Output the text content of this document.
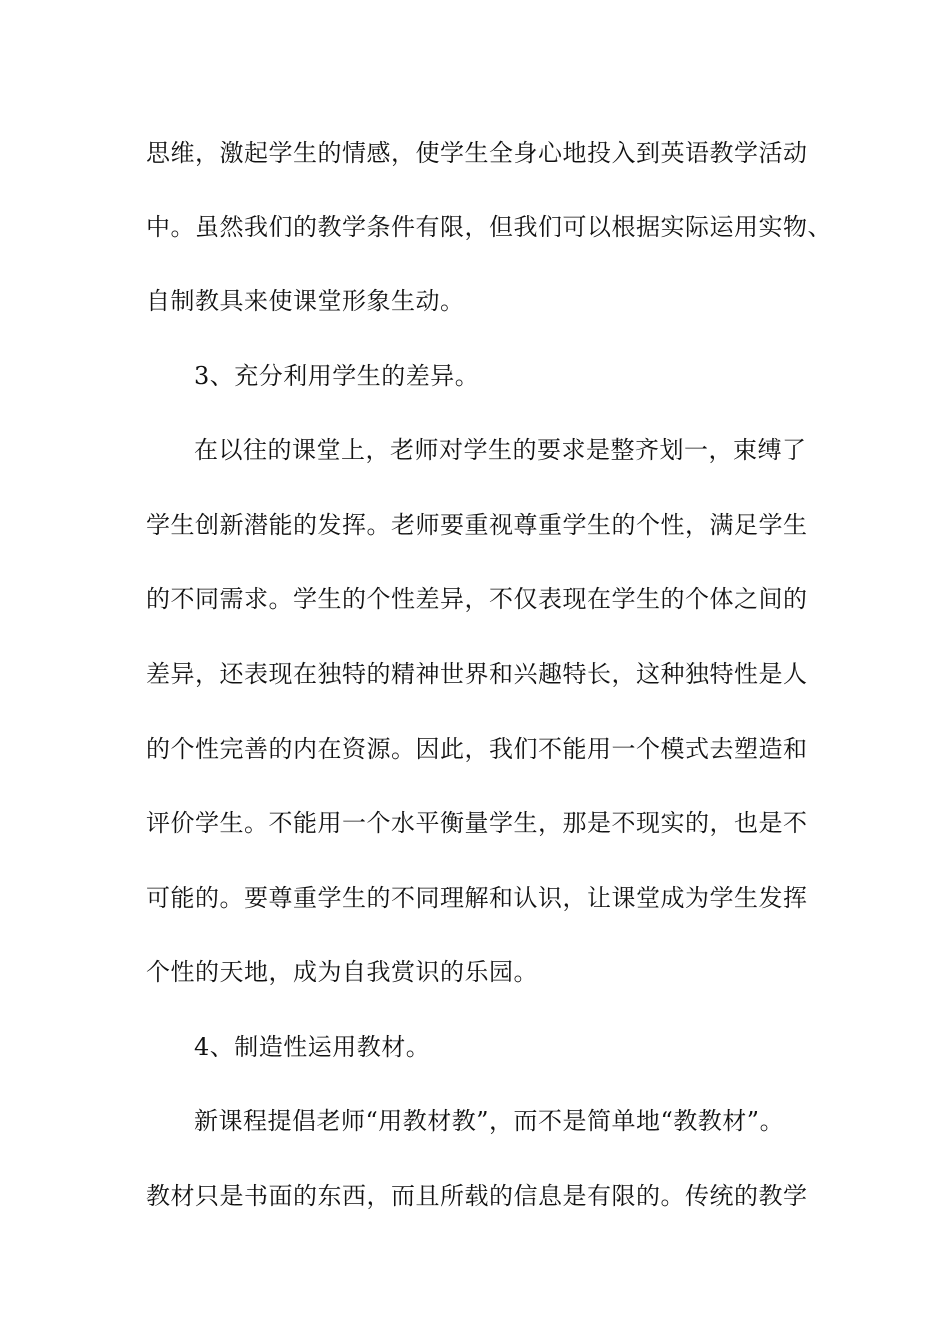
思维，激起学生的情感，使学生全身心地投入到英语教学活动
中。虽然我们的教学条件有限，但我们可以根据实际运用实物、
自制教具来使课堂形象生动。
3、充分利用学生的差异。
在以往的课堂上，老师对学生的要求是整齐划一，束缚了
学生创新潜能的发挥。老师要重视尊重学生的个性，满足学生
的不同需求。学生的个性差异，不仅表现在学生的个体之间的
差异，还表现在独特的精神世界和兴趣特长，这种独特性是人
的个性完善的内在资源。因此，我们不能用一个模式去塑造和
评价学生。不能用一个水平衡量学生，那是不现实的，也是不
可能的。要尊重学生的不同理解和认识，让课堂成为学生发挥
个性的天地，成为自我赏识的乐园。
4、制造性运用教材。
新课程提倡老师“用教材教”，而不是简单地“教教材”。
教材只是书面的东西，而且所载的信息是有限的。传统的教学
